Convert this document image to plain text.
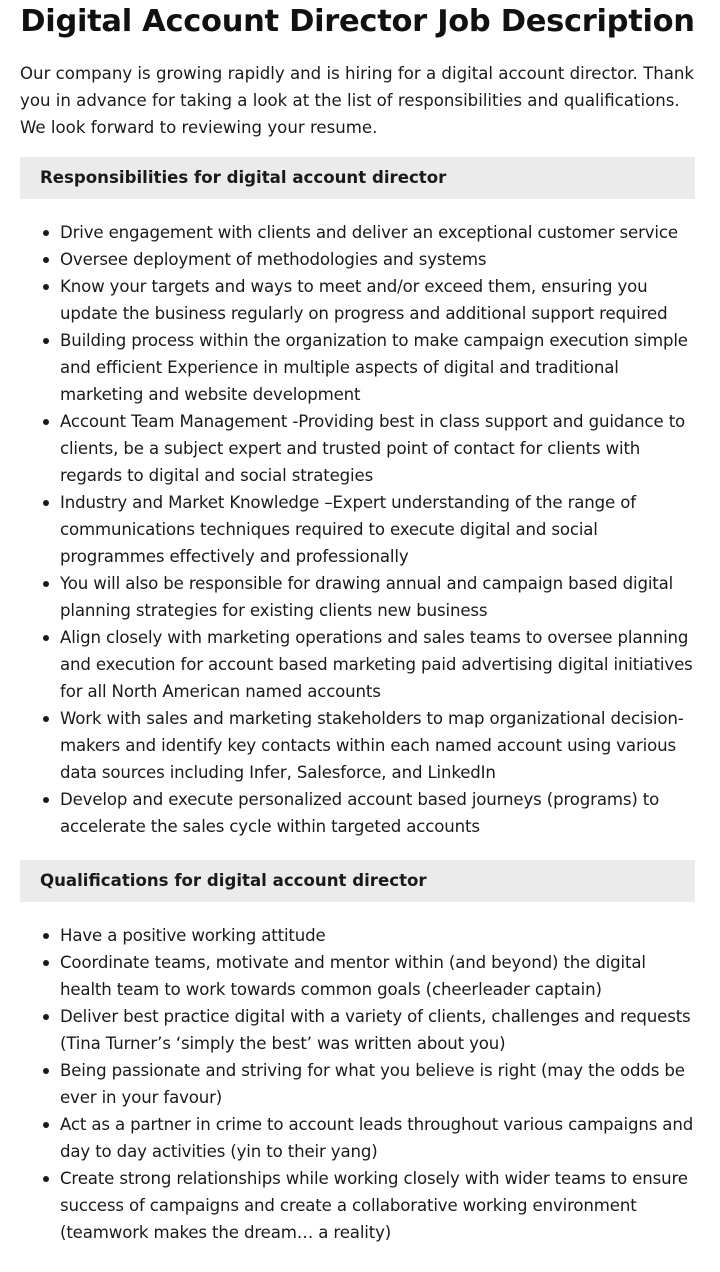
Digital Account Director Job Description

Our company is growing rapidly and is hiring for a digital account director. Thank you in advance for taking a look at the list of responsibilities and qualifications. We look forward to reviewing your resume.

Responsibilities for digital account director
Drive engagement with clients and deliver an exceptional customer service
Oversee deployment of methodologies and systems
Know your targets and ways to meet and/or exceed them, ensuring you update the business regularly on progress and additional support required
Building process within the organization to make campaign execution simple and efficient Experience in multiple aspects of digital and traditional marketing and website development
Account Team Management -Providing best in class support and guidance to clients, be a subject expert and trusted point of contact for clients with regards to digital and social strategies
Industry and Market Knowledge –Expert understanding of the range of communications techniques required to execute digital and social programmes effectively and professionally
You will also be responsible for drawing annual and campaign based digital planning strategies for existing clients new business
Align closely with marketing operations and sales teams to oversee planning and execution for account based marketing paid advertising digital initiatives for all North American named accounts
Work with sales and marketing stakeholders to map organizational decision-makers and identify key contacts within each named account using various data sources including Infer, Salesforce, and LinkedIn
Develop and execute personalized account based journeys (programs) to accelerate the sales cycle within targeted accounts
Qualifications for digital account director
Have a positive working attitude
Coordinate teams, motivate and mentor within (and beyond) the digital health team to work towards common goals (cheerleader captain)
Deliver best practice digital with a variety of clients, challenges and requests (Tina Turner’s ‘simply the best’ was written about you)
Being passionate and striving for what you believe is right (may the odds be ever in your favour)
Act as a partner in crime to account leads throughout various campaigns and day to day activities (yin to their yang)
Create strong relationships while working closely with wider teams to ensure success of campaigns and create a collaborative working environment (teamwork makes the dream… a reality)
